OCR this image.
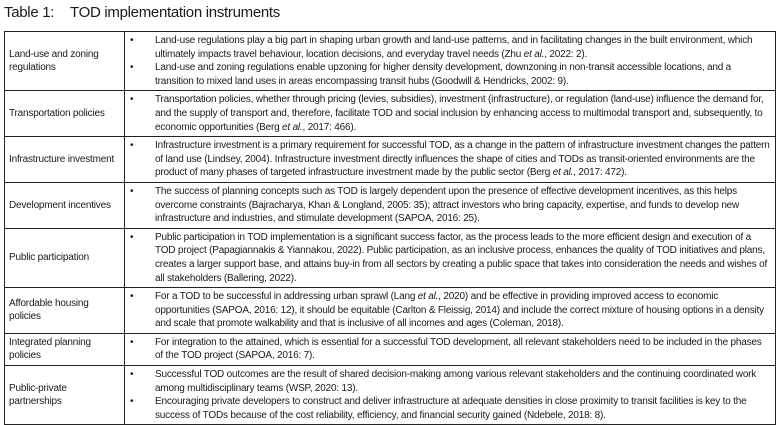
Table 1: TOD implementation instruments
Land-use and zoning regulations	• Land-use regulations play a big part in shaping urban growth and land-use patterns, and in facilitating changes in the built environment, which ultimately impacts travel behaviour, location decisions, and everyday travel needs (Zhu et al., 2022: 2).
• Land-use and zoning regulations enable upzoning for higher density development, downzoning in non-transit accessible locations, and a transition to mixed land uses in areas encompassing transit hubs (Goodwill & Hendricks, 2002: 9).

Transportation policies	• Transportation policies, whether through pricing (levies, subsidies), investment (infrastructure), or regulation (land-use) influence the demand for, and the supply of transport and, therefore, facilitate TOD and social inclusion by enhancing access to multimodal transport and, subsequently, to economic opportunities (Berg et al., 2017: 466).

Infrastructure investment	• Infrastructure investment is a primary requirement for successful TOD, as a change in the pattern of infrastructure investment changes the pattern of land use (Lindsey, 2004). Infrastructure investment directly influences the shape of cities and TODs as transit-oriented environments are the product of many phases of targeted infrastructure investment made by the public sector (Berg et al., 2017: 472).

Development incentives	• The success of planning concepts such as TOD is largely dependent upon the presence of effective development incentives, as this helps overcome constraints (Bajracharya, Khan & Longland, 2005: 35); attract investors who bring capacity, expertise, and funds to develop new infrastructure and industries, and stimulate development (SAPOA, 2016: 25).

Public participation	• Public participation in TOD implementation is a significant success factor, as the process leads to the more efficient design and execution of a TOD project (Papagiannakis & Yiannakou, 2022). Public participation, as an inclusive process, enhances the quality of TOD initiatives and plans, creates a larger support base, and attains buy-in from all sectors by creating a public space that takes into consideration the needs and wishes of all stakeholders (Ballering, 2022).

Affordable housing policies	• For a TOD to be successful in addressing urban sprawl (Lang et al., 2020) and be effective in providing improved access to economic opportunities (SAPOA, 2016: 12), it should be equitable (Carlton & Fleissig, 2014) and include the correct mixture of housing options in a density and scale that promote walkability and that is inclusive of all incomes and ages (Coleman, 2018).

Integrated planning policies	• For integration to the attained, which is essential for a successful TOD development, all relevant stakeholders need to be included in the phases of the TOD project (SAPOA, 2016: 7).

Public-private partnerships	• Successful TOD outcomes are the result of shared decision-making among various relevant stakeholders and the continuing coordinated work among multidisciplinary teams (WSP, 2020: 13).
• Encouraging private developers to construct and deliver infrastructure at adequate densities in close proximity to transit facilities is key to the success of TODs because of the cost reliability, efficiency, and financial security gained (Ndebele, 2018: 8).
